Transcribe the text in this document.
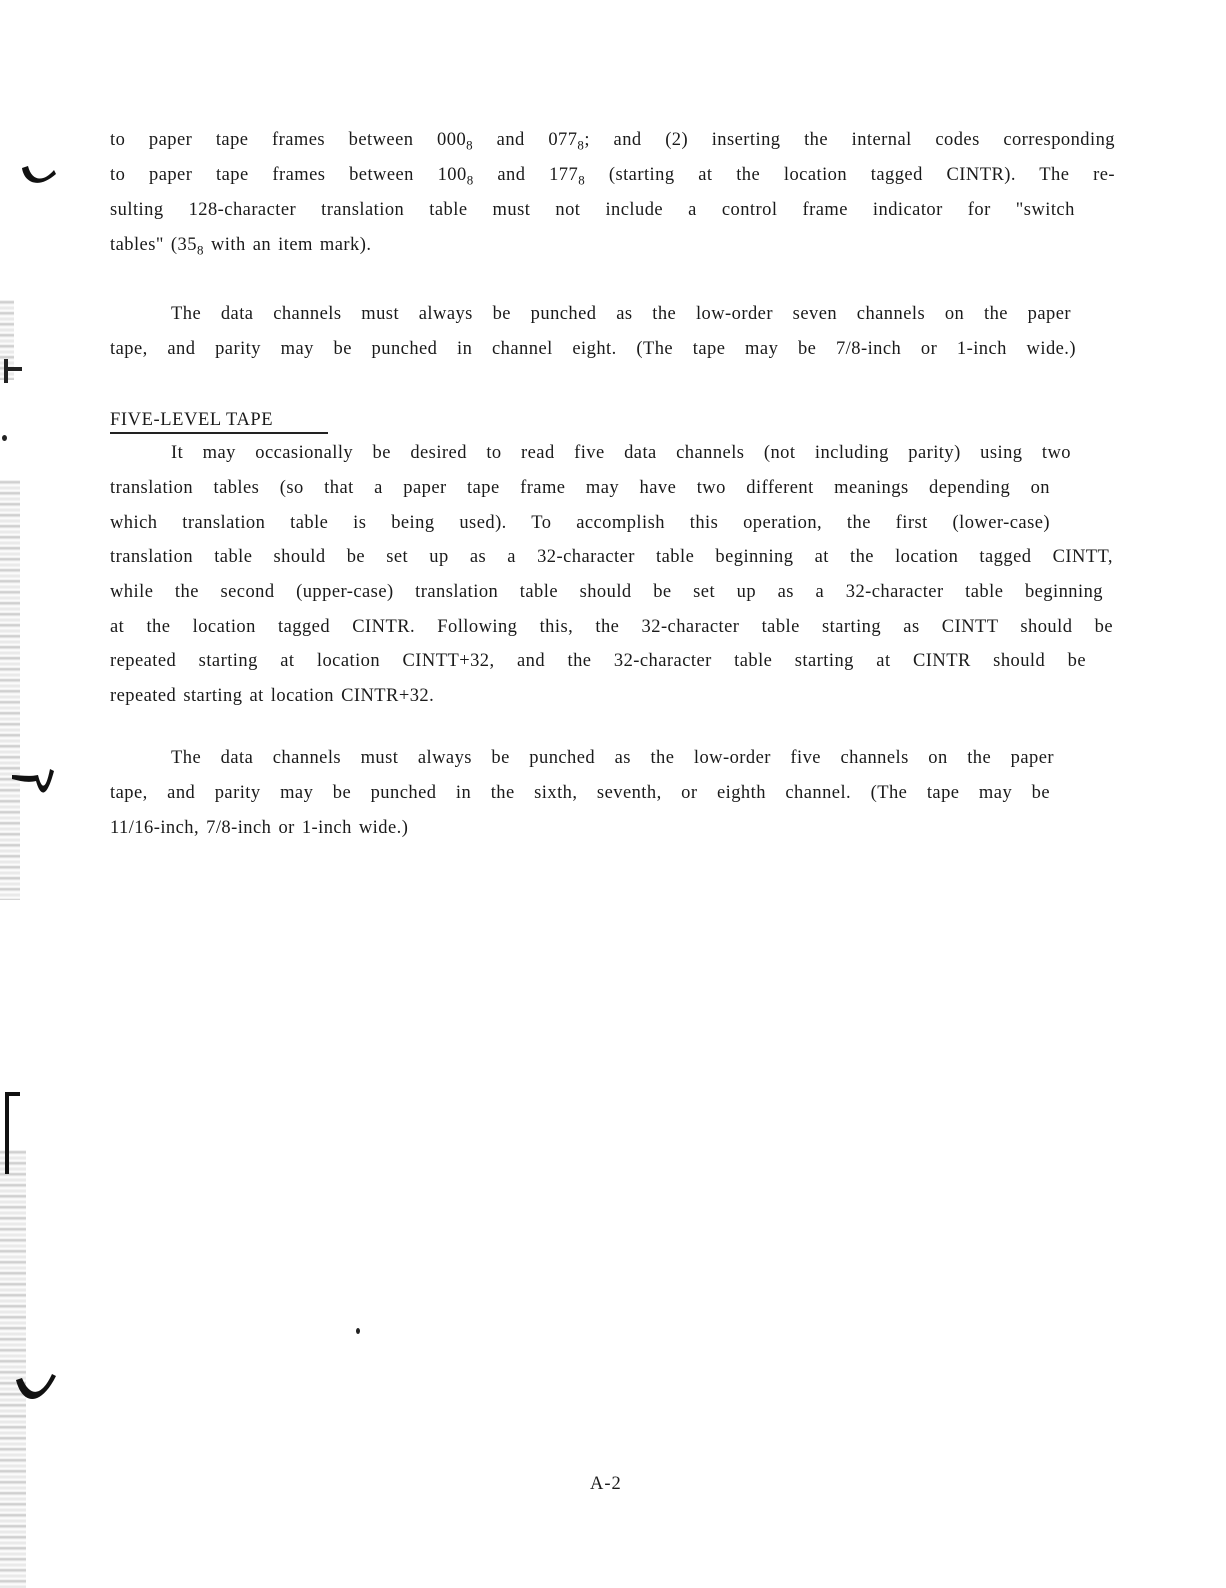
to paper tape frames between $000_8$ and $077_8$; and (2) inserting the internal codes corresponding
to paper tape frames between $100_8$ and $177_8$ (starting at the location tagged CINTR). The re-
sulting 128-character translation table must not include a control frame indicator for "switch
tables" ($35_8$ with an item mark).
The data channels must always be punched as the low-order seven channels on the paper
tape, and parity may be punched in channel eight. (The tape may be 7/8-inch or 1-inch wide.)
FIVE-LEVEL TAPE
It may occasionally be desired to read five data channels (not including parity) using two
translation tables (so that a paper tape frame may have two different meanings depending on
which translation table is being used). To accomplish this operation, the first (lower-case)
translation table should be set up as a 32-character table beginning at the location tagged CINTT,
while the second (upper-case) translation table should be set up as a 32-character table beginning
at the location tagged CINTR. Following this, the 32-character table starting as CINTT should be
repeated starting at location CINTT+32, and the 32-character table starting at CINTR should be
repeated starting at location CINTR+32.
The data channels must always be punched as the low-order five channels on the paper
tape, and parity may be punched in the sixth, seventh, or eighth channel. (The tape may be
11/16-inch, 7/8-inch or 1-inch wide.)
A-2
